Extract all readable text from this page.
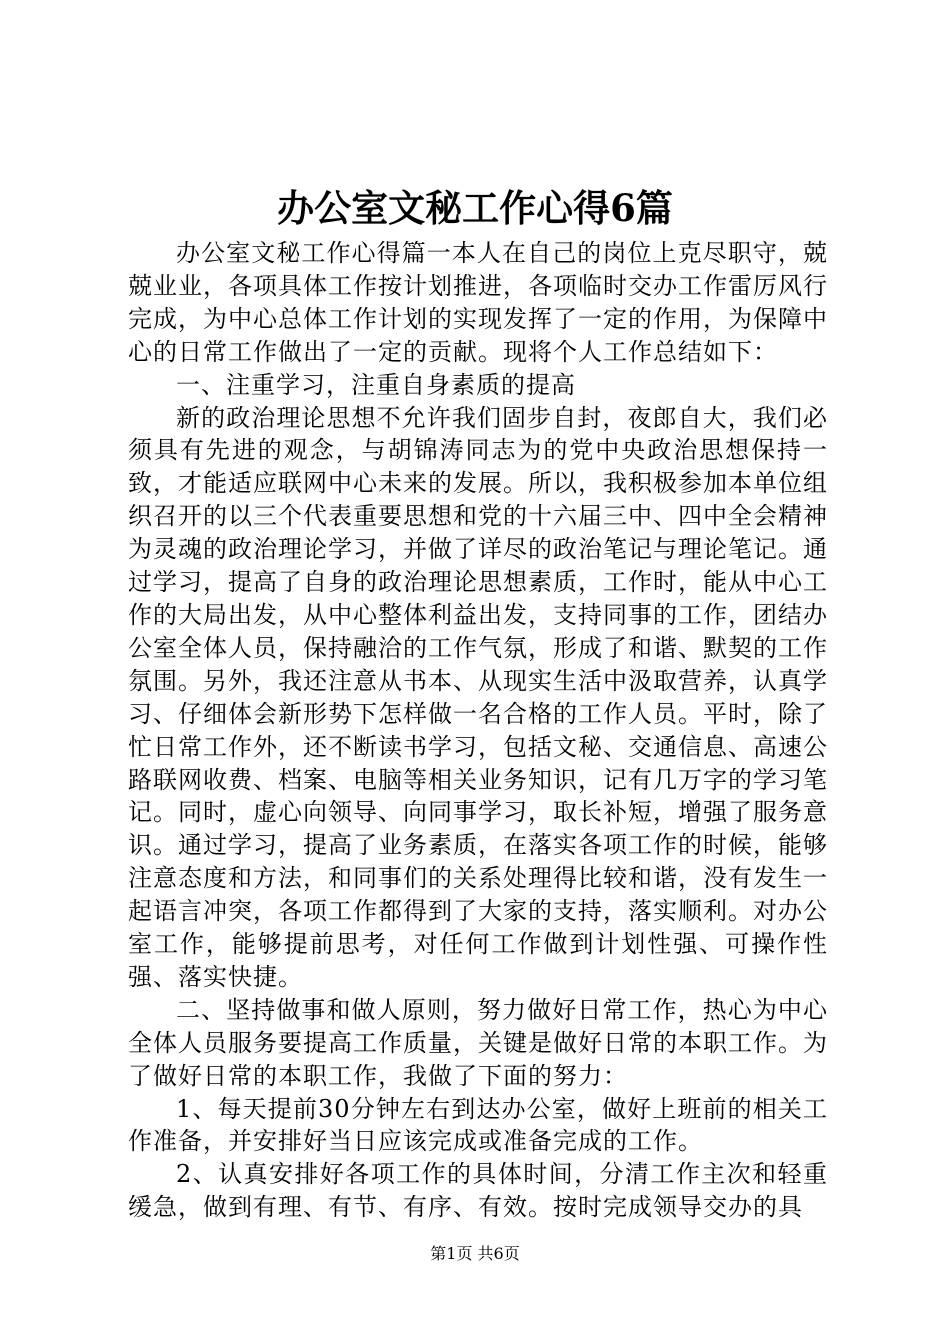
办公室文秘工作心得6篇

办公室文秘工作心得篇一本人在自己的岗位上克尽职守，兢兢业业，各项具体工作按计划推进，各项临时交办工作雷厉风行完成，为中心总体工作计划的实现发挥了一定的作用，为保障中心的日常工作做出了一定的贡献。现将个人工作总结如下：

一、注重学习，注重自身素质的提高

新的政治理论思想不允许我们固步自封，夜郎自大，我们必须具有先进的观念，与胡锦涛同志为的党中央政治思想保持一致，才能适应联网中心未来的发展。所以，我积极参加本单位组织召开的以三个代表重要思想和党的十六届三中、四中全会精神为灵魂的政治理论学习，并做了详尽的政治笔记与理论笔记。通过学习，提高了自身的政治理论思想素质，工作时，能从中心工作的大局出发，从中心整体利益出发，支持同事的工作，团结办公室全体人员，保持融洽的工作气氛，形成了和谐、默契的工作氛围。另外，我还注意从书本、从现实生活中汲取营养，认真学习、仔细体会新形势下怎样做一名合格的工作人员。平时，除了忙日常工作外，还不断读书学习，包括文秘、交通信息、高速公路联网收费、档案、电脑等相关业务知识，记有几万字的学习笔记。同时，虚心向领导、向同事学习，取长补短，增强了服务意识。通过学习，提高了业务素质，在落实各项工作的时候，能够注意态度和方法，和同事们的关系处理得比较和谐，没有发生一起语言冲突，各项工作都得到了大家的支持，落实顺利。对办公室工作，能够提前思考，对任何工作做到计划性强、可操作性强、落实快捷。

二、坚持做事和做人原则，努力做好日常工作，热心为中心全体人员服务要提高工作质量，关键是做好日常的本职工作。为了做好日常的本职工作，我做了下面的努力：

1、每天提前30分钟左右到达办公室，做好上班前的相关工作准备，并安排好当日应该完成或准备完成的工作。

2、认真安排好各项工作的具体时间，分清工作主次和轻重缓急，做到有理、有节、有序、有效。按时完成领导交办的具

第1页 共6页
